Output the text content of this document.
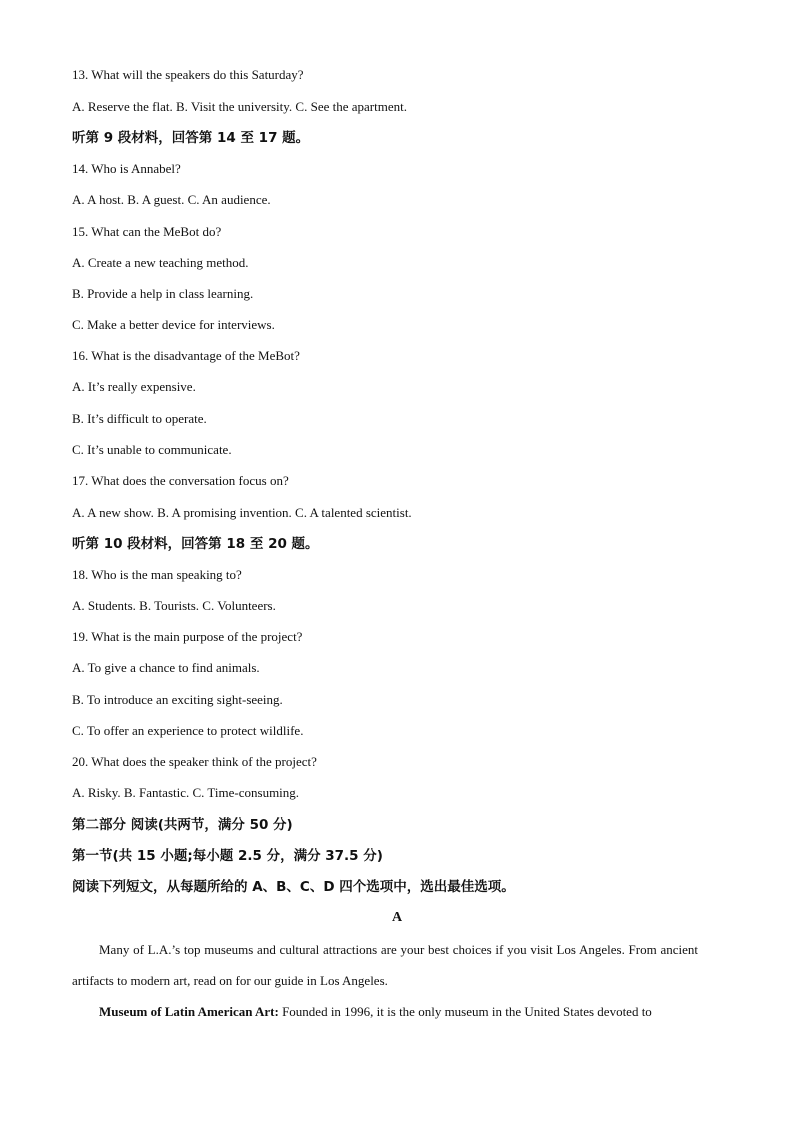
13. What will the speakers do this Saturday?
A. Reserve the flat. B. Visit the university. C. See the apartment.
听第 9 段材料，回答第 14 至 17 题。
14. Who is Annabel?
A. A host. B. A guest. C. An audience.
15. What can the MeBot do?
A. Create a new teaching method.
B. Provide a help in class learning.
C. Make a better device for interviews.
16. What is the disadvantage of the MeBot?
A. It’s really expensive.
B. It’s difficult to operate.
C. It’s unable to communicate.
17. What does the conversation focus on?
A. A new show. B. A promising invention. C. A talented scientist.
听第 10 段材料，回答第 18 至 20 题。
18. Who is the man speaking to?
A. Students. B. Tourists. C. Volunteers.
19. What is the main purpose of the project?
A. To give a chance to find animals.
B. To introduce an exciting sight-seeing.
C. To offer an experience to protect wildlife.
20. What does the speaker think of the project?
A. Risky. B. Fantastic. C. Time-consuming.
第二部分 阅读(共两节，满分 50 分)
第一节(共 15 小题;每小题 2.5 分，满分 37.5 分)
阅读下列短文，从每题所给的 A、B、C、D 四个选项中，选出最佳选项。
A

Many of L.A.’s top museums and cultural attractions are your best choices if you visit Los Angeles. From ancient artifacts to modern art, read on for our guide in Los Angeles.

Museum of Latin American Art: Founded in 1996, it is the only museum in the United States devoted to
